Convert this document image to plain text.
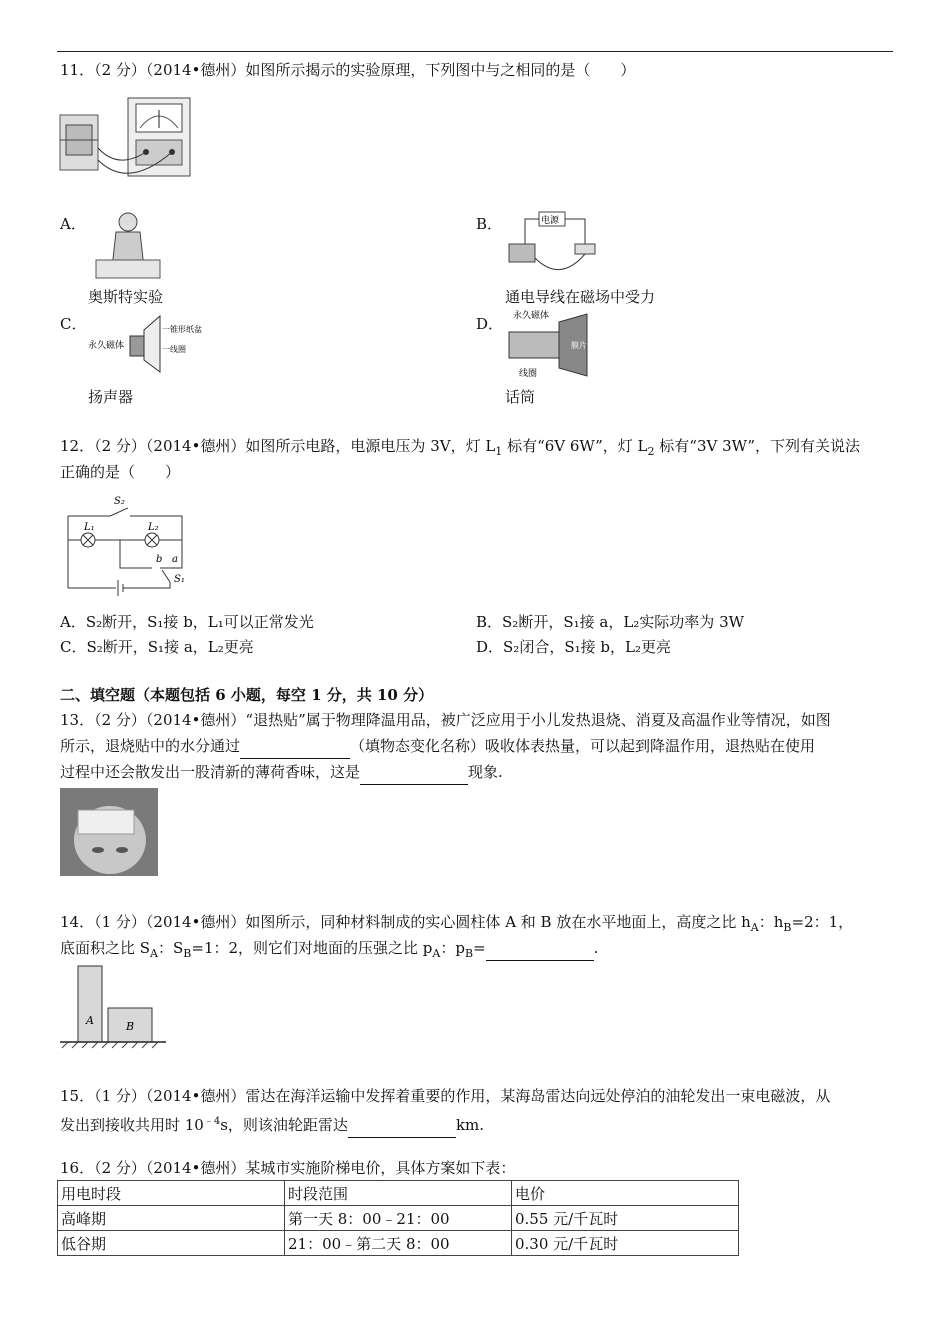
11．（2 分）（2014•德州）如图所示揭示的实验原理，下列图中与之相同的是（　　）
A．
奥斯特实验
B．	电源
通电导线在磁场中受力
C．
永久磁体
一锥形纸盆
一线圈
扬声器
D． 永久磁体
膜片
线圈
话筒
12．（2 分）（2014•德州）如图所示电路，电源电压为 3V，灯 $L_1$ 标有“6V 6W”，灯 $L_2$ 标有“3V 3W”，下列有关说法
正确的是（　　）
S₂
L₁	L₂
b a
S₁
A．S₂断开，S₁接 b，L₁可以正常发光	B．S₂断开，S₁接 a，L₂实际功率为 3W
C．S₂断开，S₁接 a，L₂更亮	D．S₂闭合，S₁接 b，L₂更亮
二、填空题（本题包括 6 小题，每空 1 分，共 10 分）
13．（2 分）（2014•德州）“退热贴”属于物理降温用品，被广泛应用于小儿发热退烧、消夏及高温作业等情况，如图
所示，退烧贴中的水分通过	（填物态变化名称）吸收体表热量，可以起到降温作用，退热贴在使用
过程中还会散发出一股清新的薄荷香味，这是	现象.
14．（1 分）（2014•德州）如图所示，同种材料制成的实心圆柱体 A 和 B 放在水平地面上，高度之比 $h_A$：$h_B=2$：1，
底面积之比 $S_A$：$S_B=1$：2，则它们对地面的压强之比 $p_A$：$p_B=$	.
A	B
15．（1 分）（2014•德州）雷达在海洋运输中发挥着重要的作用，某海岛雷达向远处停泊的油轮发出一束电磁波，从
发出到接收共用时 $10^{﹣4}s$，则该油轮距雷达	km.
16．（2 分）（2014•德州）某城市实施阶梯电价，具体方案如下表：
用电时段	时段范围	电价
高峰期	第一天 8：00﹣21：00	0.55 元/千瓦时
低谷期	21：00﹣第二天 8：00	0.30 元/千瓦时
